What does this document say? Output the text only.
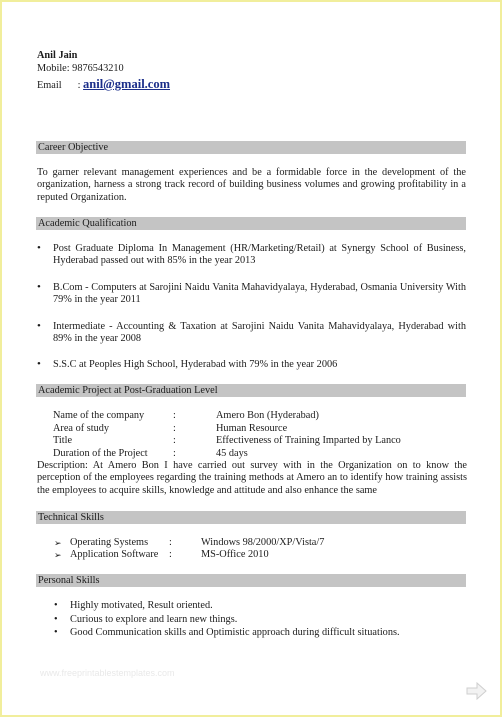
Anil Jain
Mobile: 9876543210
Email : anil@gmail.com
Career Objective
To garner relevant management experiences and be a formidable force in the development of the organization, harness a strong track record of building business volumes and growing profitability in a reputed Organization.
Academic Qualification
• Post Graduate Diploma In Management (HR/Marketing/Retail) at Synergy School of Business, Hyderabad passed out with 85% in the year 2013
• B.Com - Computers at Sarojini Naidu Vanita Mahavidyalaya, Hyderabad, Osmania University With 79% in the year 2011
• Intermediate - Accounting & Taxation at Sarojini Naidu Vanita Mahavidyalaya, Hyderabad with 89% in the year 2008
• S.S.C at Peoples High School, Hyderabad with 79% in the year 2006
Academic Project at Post-Graduation Level
Name of the company	:	Amero Bon (Hyderabad)
Area of study	:	Human Resource
Title	:	Effectiveness of Training Imparted by Lanco
Duration of the Project :	45 days
Description: At Amero Bon I have carried out survey with in the Organization on to know the perception of the employees regarding the training methods at Amero an to identify how training assists the employees to acquire skills, knowledge and attitude and also enhance the same
Technical Skills
➢ Operating Systems :	Windows 98/2000/XP/Vista/7
➢ Application Software :	MS-Office 2010
Personal Skills
• Highly motivated, Result oriented.
• Curious to explore and learn new things.
• Good Communication skills and Optimistic approach during difficult situations.
www.freeprintablestemplates.com
